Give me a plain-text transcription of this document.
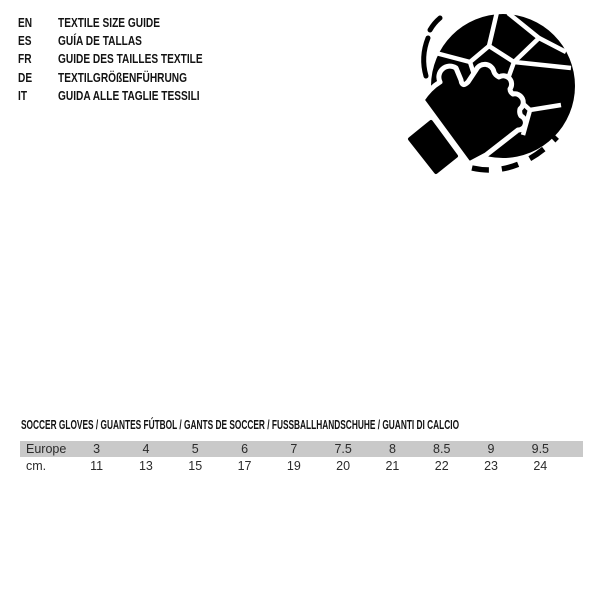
EN	TEXTILE SIZE GUIDE
ES	GUÍA DE TALLAS
FR	GUIDE DES TAILLES TEXTILE
DE	TEXTILGRÖßENFÜHRUNG
IT	GUIDA ALLE TAGLIE TESSILI
SOCCER GLOVES / GUANTES FÚTBOL / GANTS DE SOCCER / FUSSBALLHANDSCHUHE / GUANTI DI CALCIO
Europe	3	4	5	6	7	7.5	8	8.5	9	9.5
cm.	11	13	15	17	19	20	21	22	23	24
